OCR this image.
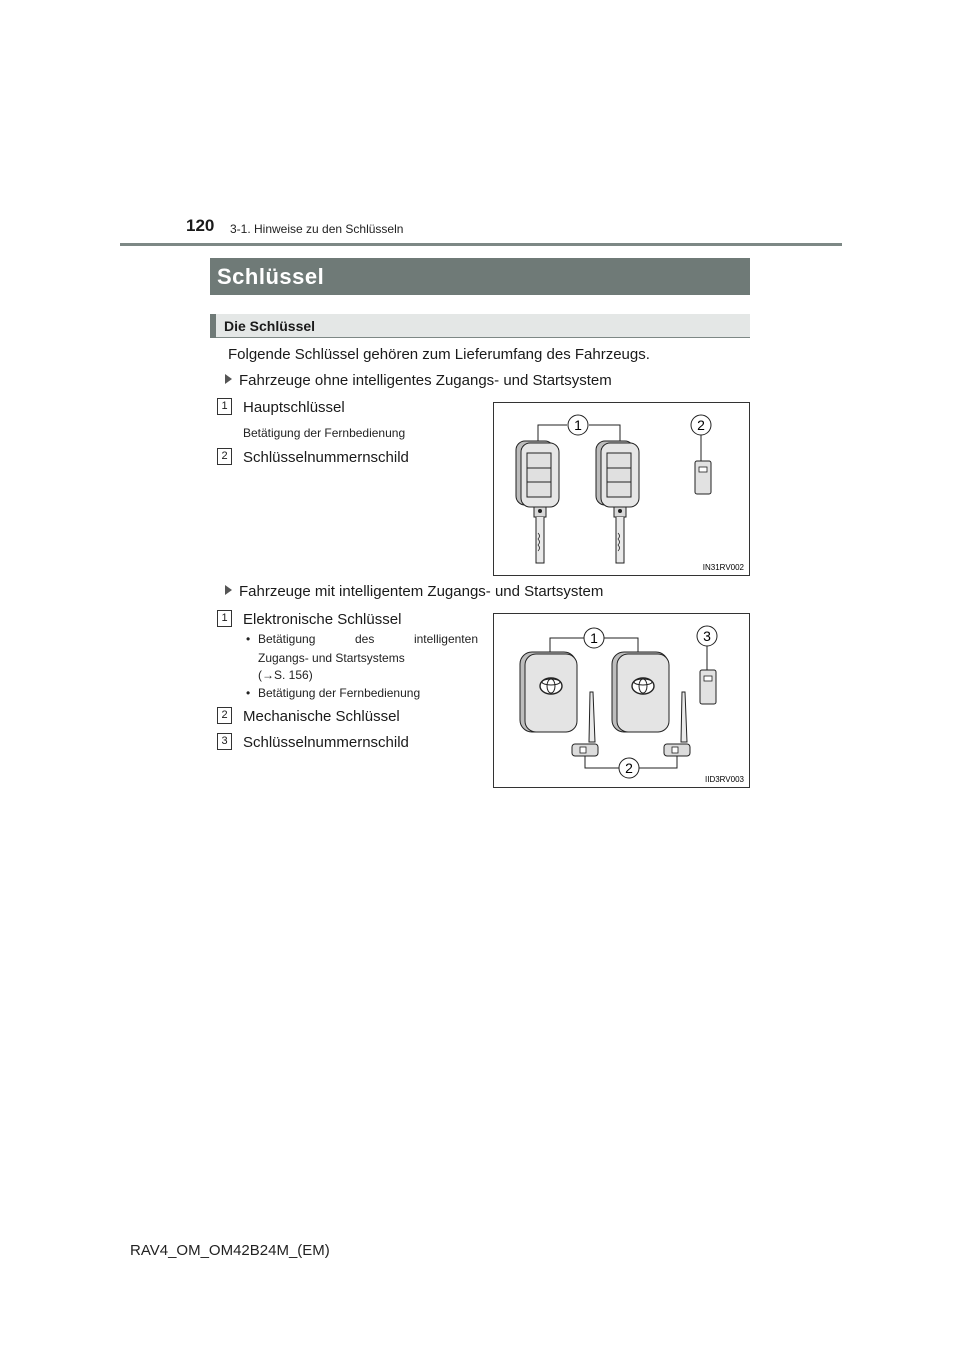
120 3-1. Hinweise zu den Schlüsseln
Schlüssel
Die Schlüssel
Folgende Schlüssel gehören zum Lieferumfang des Fahrzeugs.
Fahrzeuge ohne intelligentes Zugangs- und Startsystem
1 Hauptschlüssel
Betätigung der Fernbedienung
2 Schlüsselnummernschild
1	2
IN31RV002
Fahrzeuge mit intelligentem Zugangs- und Startsystem
1 Elektronische Schlüssel
• Betätigung          des          intelligenten
Zugangs- und Startsystems
(→S. 156)
• Betätigung der Fernbedienung
2 Mechanische Schlüssel
3 Schlüsselnummernschild
1	3
2
IID3RV003
RAV4_OM_OM42B24M_(EM)
